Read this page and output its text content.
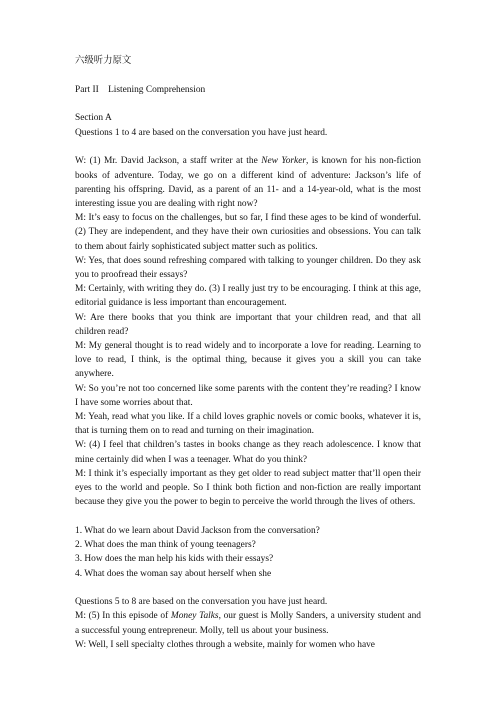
六级听力原文
Part II    Listening Comprehension
Section A
Questions 1 to 4 are based on the conversation you have just heard.

W: (1) Mr. David Jackson, a staff writer at the New Yorker, is known for his non-fiction books of adventure. Today, we go on a different kind of adventure: Jackson’s life of parenting his offspring. David, as a parent of an 11- and a 14-year-old, what is the most interesting issue you are dealing with right now?

M: It’s easy to focus on the challenges, but so far, I find these ages to be kind of wonderful. (2) They are independent, and they have their own curiosities and obsessions. You can talk to them about fairly sophisticated subject matter such as politics.

W: Yes, that does sound refreshing compared with talking to younger children. Do they ask you to proofread their essays?

M: Certainly, with writing they do. (3) I really just try to be encouraging. I think at this age, editorial guidance is less important than encouragement.

W: Are there books that you think are important that your children read, and that all children read?

M: My general thought is to read widely and to incorporate a love for reading. Learning to love to read, I think, is the optimal thing, because it gives you a skill you can take anywhere.

W: So you’re not too concerned like some parents with the content they’re reading? I know I have some worries about that.

M: Yeah, read what you like. If a child loves graphic novels or comic books, whatever it is, that is turning them on to read and turning on their imagination.

W: (4) I feel that children’s tastes in books change as they reach adolescence. I know that mine certainly did when I was a teenager. What do you think?

M: I think it’s especially important as they get older to read subject matter that’ll open their eyes to the world and people. So I think both fiction and non-fiction are really important because they give you the power to begin to perceive the world through the lives of others.

1. What do we learn about David Jackson from the conversation?
2. What does the man think of young teenagers?
3. How does the man help his kids with their essays?
4. What does the woman say about herself when she
Questions 5 to 8 are based on the conversation you have just heard.

M: (5) In this episode of Money Talks, our guest is Molly Sanders, a university student and a successful young entrepreneur. Molly, tell us about your business.

W: Well, I sell specialty clothes through a website, mainly for women who have
